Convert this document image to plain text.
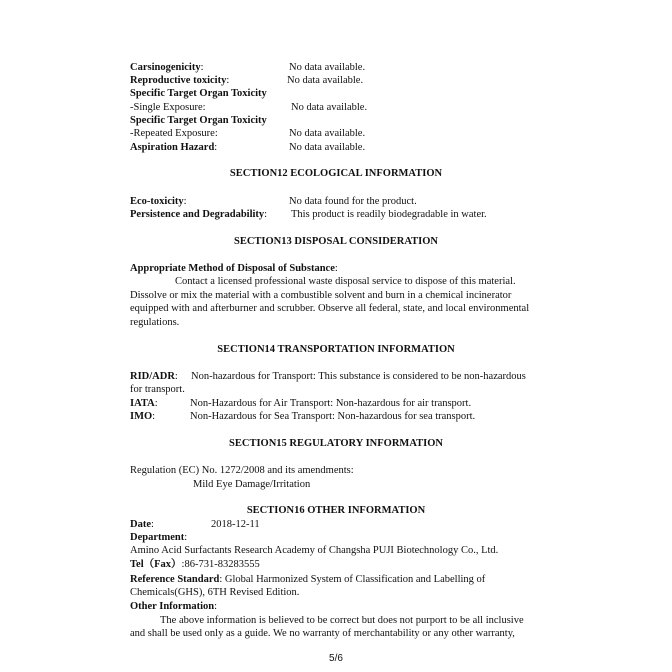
Carsinogenicity:	No data available.
Reproductive toxicity:	No data available.
Specific Target Organ Toxicity
-Single Exposure:	No data available.
Specific Target Organ Toxicity
-Repeated Exposure:	No data available.
Aspiration Hazard:	No data available.
SECTION12 ECOLOGICAL INFORMATION
Eco-toxicity:	No data found for the product.
Persistence and Degradability: This product is readily biodegradable in water.
SECTION13 DISPOSAL CONSIDERATION
Appropriate Method of Disposal of Substance:
Contact a licensed professional waste disposal service to dispose of this material.
Dissolve or mix the material with a combustible solvent and burn in a chemical incinerator
equipped with and afterburner and scrubber. Observe all federal, state, and local environmental
regulations.
SECTION14 TRANSPORTATION INFORMATION
RID/ADR: Non-hazardous for Transport: This substance is considered to be non-hazardous
for transport.
IATA:	Non-Hazardous for Air Transport: Non-hazardous for air transport.
IMO:	Non-Hazardous for Sea Transport: Non-hazardous for sea transport.
SECTION15 REGULATORY INFORMATION
Regulation (EC) No. 1272/2008 and its amendments:
Mild Eye Damage/Irritation
SECTION16 OTHER INFORMATION
Date:	2018-12-11
Department:
Amino Acid Surfactants Research Academy of Changsha PUJI Biotechnology Co., Ltd.
Tel（Fax）:86-731-83283555
Reference Standard: Global Harmonized System of Classification and Labelling of
Chemicals(GHS), 6TH Revised Edition.
Other Information:
The above information is believed to be correct but does not purport to be all inclusive
and shall be used only as a guide. We no warranty of merchantability or any other warranty,
5/6
